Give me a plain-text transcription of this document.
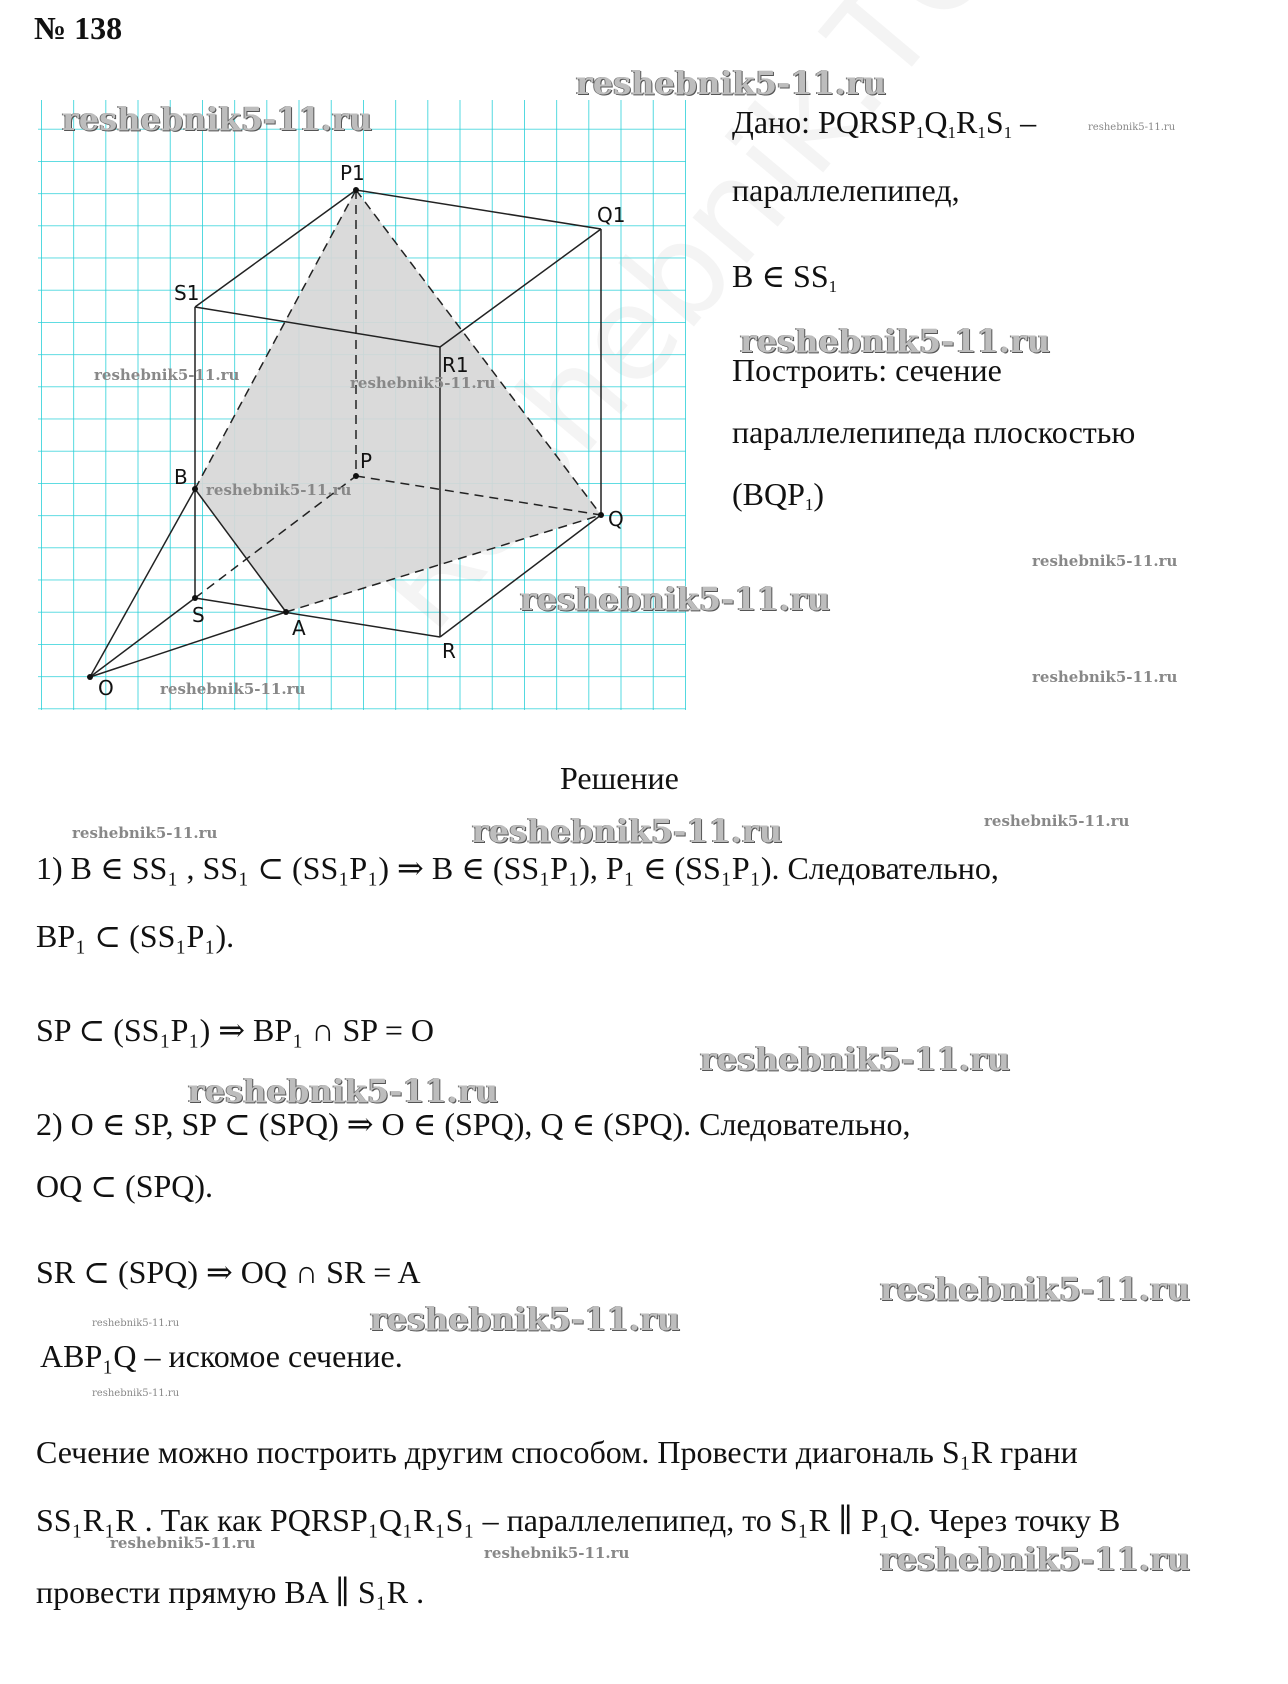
№ 138
P1
Q1
S1
R1
P
Q
B
S
A
R
O
reshebnik5-11.ru
reshebnik5-11.ru
reshebnik5-11.ru	reshebnik5-11.ru
reshebnik5-11.ru
reshebnik5-11.ru
reshebnik5-11.ru
Дано: $PQRSP_1Q_1R_1S_1$ –	reshebnik5-11.ru
параллелепипед,
B ∈ $SS_1$
reshebnik5-11.ru
Построить: сечение
параллелепипеда плоскостью
$(BQP_1)$
reshebnik5-11.ru
reshebnik5-11.ru
Решение
reshebnik5-11.ru	reshebnik5-11.ru	reshebnik5-11.ru
1) B ∈ SS₁ , SS₁ ⊂ (SS₁P₁) ⇒ B ∈ (SS₁P₁), P₁ ∈ (SS₁P₁). Следовательно,
BP₁ ⊂ (SS₁P₁).
SP ⊂ (SS₁P₁) ⇒ BP₁ ∩ SP = O
reshebnik5-11.ru
reshebnik5-11.ru
2) O ∈ SP, SP ⊂ (SPQ) ⇒ O ∈ (SPQ), Q ∈ (SPQ). Следовательно,
OQ ⊂ (SPQ).
SR ⊂ (SPQ) ⇒ OQ ∩ SR = A	reshebnik5-11.ru
reshebnik5-11.ru	reshebnik5-11.ru
ABP₁Q – искомое сечение.
reshebnik5-11.ru
Сечение можно построить другим способом. Провести диагональ S₁R грани
SS₁R₁R . Так как PQRSP₁Q₁R₁S₁ – параллелепипед, то S₁R ∥ P₁Q. Через точку B
reshebnik5-11.ru
reshebnik5-11.ru	reshebnik5-11.ru
провести прямую BA ∥ S₁R .
